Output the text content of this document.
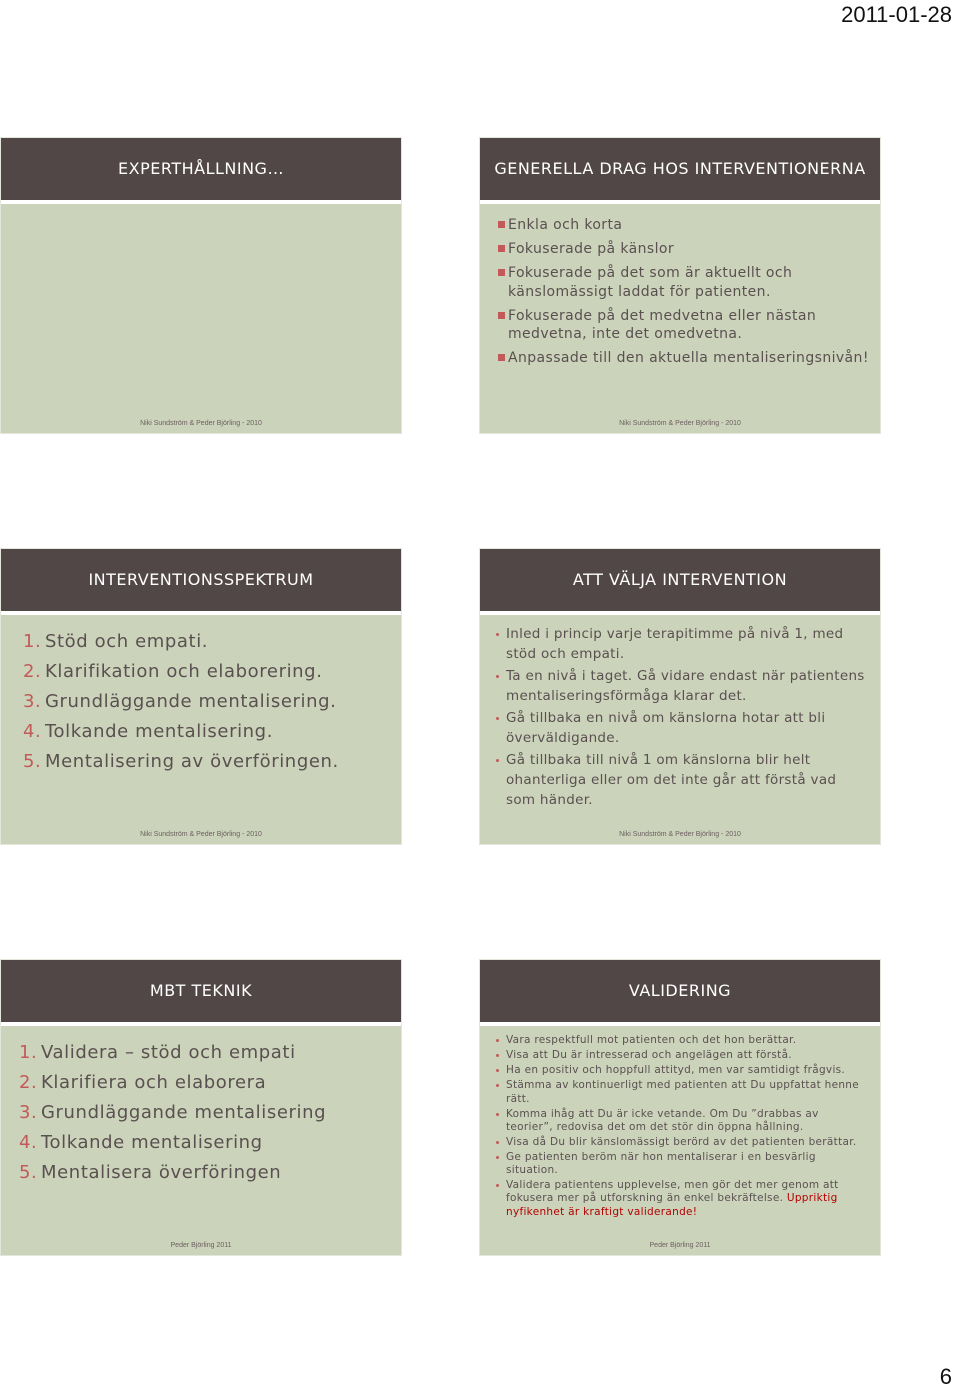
2011-01-28
EXPERTHÅLLNING…
Niki Sundström & Peder Björling - 2010
GENERELLA DRAG HOS INTERVENTIONERNA
Enkla och korta
Fokuserade på känslor
Fokuserade på det som är aktuellt och känslomässigt laddat för patienten.
Fokuserade på det medvetna eller nästan medvetna, inte det omedvetna.
Anpassade till den aktuella mentaliseringsnivån!
Niki Sundström & Peder Björling - 2010
INTERVENTIONSSPEKTRUM
1. Stöd och empati.
2. Klarifikation och elaborering.
3. Grundläggande mentalisering.
4. Tolkande mentalisering.
5. Mentalisering av överföringen.
Niki Sundström & Peder Björling - 2010
ATT VÄLJA INTERVENTION
Inled i princip varje terapitimme på nivå 1, med stöd och empati.
Ta en nivå i taget. Gå vidare endast när patientens mentaliseringsförmåga klarar det.
Gå tillbaka en nivå om känslorna hotar att bli överväldigande.
Gå tillbaka till nivå 1 om känslorna blir helt ohanterliga eller om det inte går att förstå vad som händer.
Niki Sundström & Peder Björling - 2010
MBT TEKNIK
1. Validera – stöd och empati
2. Klarifiera och elaborera
3. Grundläggande mentalisering
4. Tolkande mentalisering
5. Mentalisera överföringen
Peder Björling 2011
VALIDERING
Vara respektfull mot patienten och det hon berättar.
Visa att Du är intresserad och angelägen att förstå.
Ha en positiv och hoppfull attityd, men var samtidigt frågvis.
Stämma av kontinuerligt med patienten att Du uppfattat henne rätt.
Komma ihåg att Du är icke vetande. Om Du ”drabbas av teorier”, redovisa det om det stör din öppna hållning.
Visa då Du blir känslomässigt berörd av det patienten berättar.
Ge patienten beröm när hon mentaliserar i en besvärlig situation.
Validera patientens upplevelse, men gör det mer genom att fokusera mer på utforskning än enkel bekräftelse. Uppriktig nyfikenhet är kraftigt validerande!
Peder Björling 2011
6
